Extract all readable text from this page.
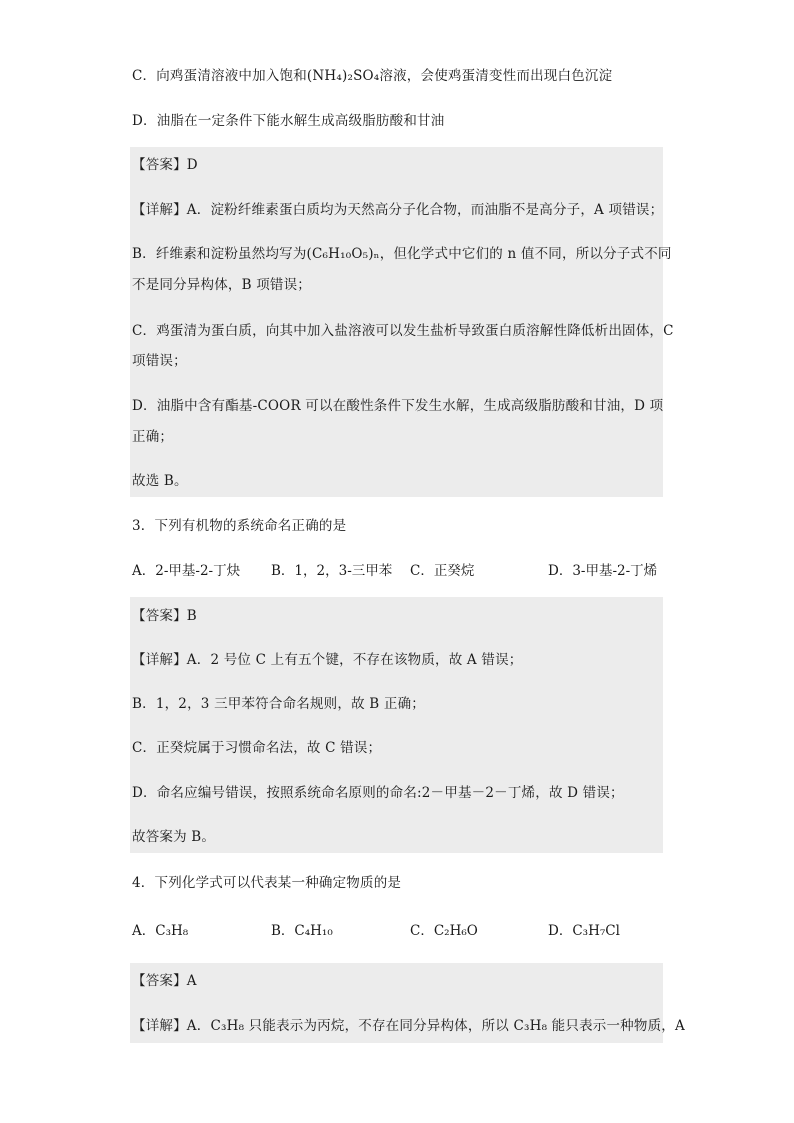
C．向鸡蛋清溶液中加入饱和(NH₄)₂SO₄溶液，会使鸡蛋清变性而出现白色沉淀
D．油脂在一定条件下能水解生成高级脂肪酸和甘油
【答案】D
【详解】A．淀粉纤维素蛋白质均为天然高分子化合物，而油脂不是高分子，A 项错误；
B．纤维素和淀粉虽然均写为(C₆H₁₀O₅)ₙ，但化学式中它们的 n 值不同，所以分子式不同
不是同分异构体，B 项错误；
C．鸡蛋清为蛋白质，向其中加入盐溶液可以发生盐析导致蛋白质溶解性降低析出固体，C
项错误；
D．油脂中含有酯基-COOR 可以在酸性条件下发生水解，生成高级脂肪酸和甘油，D 项
正确；
故选 B。
3．下列有机物的系统命名正确的是
A．2-甲基-2-丁炔 B．1，2，3-三甲苯 C．正癸烷	D．3-甲基-2-丁烯
【答案】B
【详解】A．2 号位 C 上有五个键，不存在该物质，故 A 错误；
B．1，2，3 三甲苯符合命名规则，故 B 正确；
C．正癸烷属于习惯命名法，故 C 错误；
D．命名应编号错误，按照系统命名原则的命名:2－甲基－2－丁烯，故 D 错误；
故答案为 B。
4．下列化学式可以代表某一种确定物质的是
A．C₃H₈	B．C₄H₁₀	C．C₂H₆O	D．C₃H₇Cl
【答案】A
【详解】A．C₃H₈ 只能表示为丙烷，不存在同分异构体，所以 C₃H₈ 能只表示一种物质，A
